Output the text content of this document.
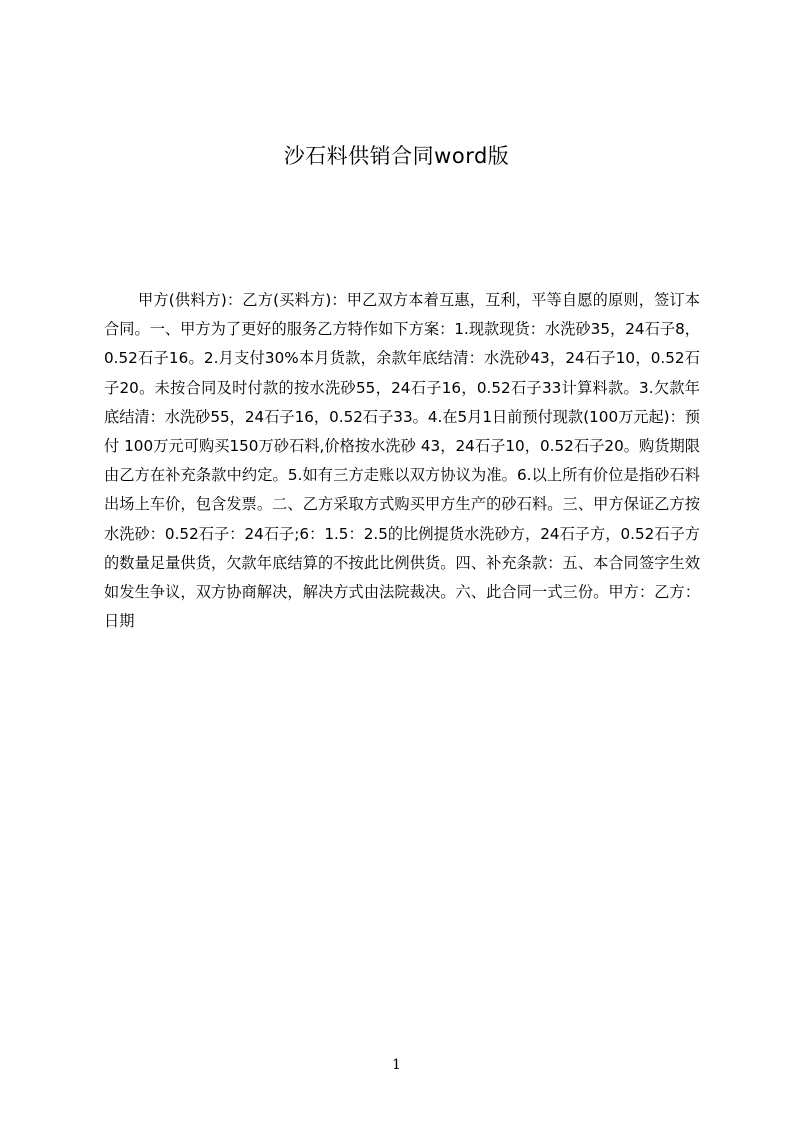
沙石料供销合同word版

甲方(供料方)：乙方(买料方)：甲乙双方本着互惠，互利，平等自愿的原则，签订本合同。一、甲方为了更好的服务乙方特作如下方案：1.现款现货：水洗砂35，24石子8，0.52石子16。2.月支付30%本月货款，余款年底结清：水洗砂43，24石子10，0.52石子20。未按合同及时付款的按水洗砂55，24石子16，0.52石子33计算料款。3.欠款年底结清：水洗砂55，24石子16，0.52石子33。4.在5月1日前预付现款(100万元起)：预付 100万元可购买150万砂石料,价格按水洗砂 43，24石子10，0.52石子20。购货期限由乙方在补充条款中约定。5.如有三方走账以双方协议为准。6.以上所有价位是指砂石料出场上车价，包含发票。二、乙方采取方式购买甲方生产的砂石料。三、甲方保证乙方按水洗砂：0.52石子：24石子;6：1.5：2.5的比例提货水洗砂方，24石子方，0.52石子方的数量足量供货，欠款年底结算的不按此比例供货。四、补充条款：五、本合同签字生效如发生争议，双方协商解决，解决方式由法院裁决。六、此合同一式三份。甲方：乙方：日期

1
